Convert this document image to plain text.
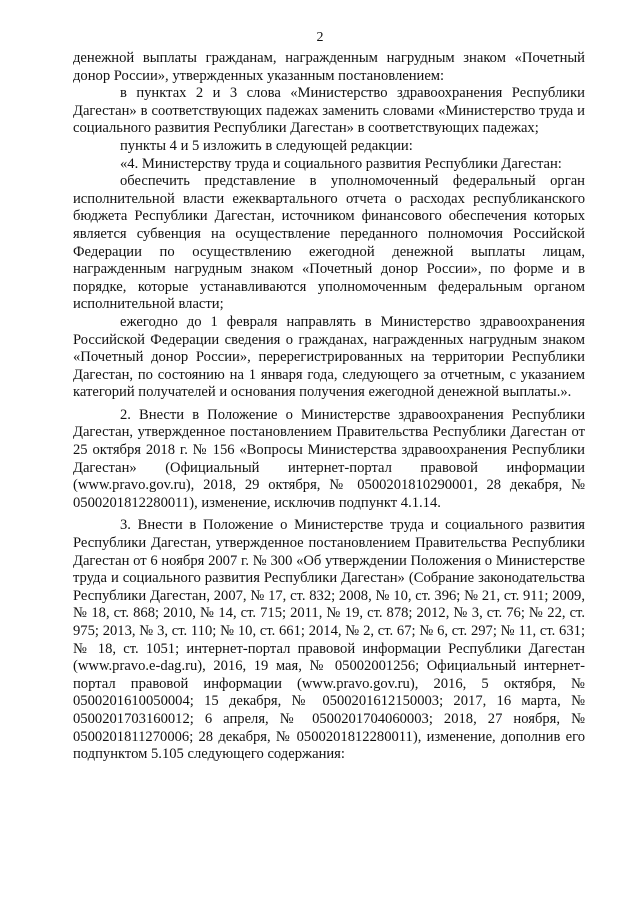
2

денежной выплаты гражданам, награжденным нагрудным знаком «Почетный донор России», утвержденных указанным постановлением:

в пунктах 2 и 3 слова «Министерство здравоохранения Республики Дагестан» в соответствующих падежах заменить словами «Министерство труда и социального развития Республики Дагестан» в соответствующих падежах;

пункты 4 и 5 изложить в следующей редакции:

«4. Министерству труда и социального развития Республики Дагестан:

обеспечить представление в уполномоченный федеральный орган исполнительной власти ежеквартального отчета о расходах республиканского бюджета Республики Дагестан, источником финансового обеспечения которых является субвенция на осуществление переданного полномочия Российской Федерации по осуществлению ежегодной денежной выплаты лицам, награжденным нагрудным знаком «Почетный донор России», по форме и в порядке, которые устанавливаются уполномоченным федеральным органом исполнительной власти;

ежегодно до 1 февраля направлять в Министерство здравоохранения Российской Федерации сведения о гражданах, награжденных нагрудным знаком «Почетный донор России», перерегистрированных на территории Республики Дагестан, по состоянию на 1 января года, следующего за отчетным, с указанием категорий получателей и основания получения ежегодной денежной выплаты.».

2. Внести в Положение о Министерстве здравоохранения Республики Дагестан, утвержденное постановлением Правительства Республики Дагестан от 25 октября 2018 г. № 156 «Вопросы Министерства здравоохранения Республики Дагестан» (Официальный интернет-портал правовой информации (www.pravo.gov.ru), 2018, 29 октября, № 0500201810290001, 28 декабря, № 0500201812280011), изменение, исключив подпункт 4.1.14.

3. Внести в Положение о Министерстве труда и социального развития Республики Дагестан, утвержденное постановлением Правительства Республики Дагестан от 6 ноября 2007 г. № 300 «Об утверждении Положения о Министерстве труда и социального развития Республики Дагестан» (Собрание законодательства Республики Дагестан, 2007, № 17, ст. 832; 2008, № 10, ст. 396; № 21, ст. 911; 2009, № 18, ст. 868; 2010, № 14, ст. 715; 2011, № 19, ст. 878; 2012, № 3, ст. 76; № 22, ст. 975; 2013, № 3, ст. 110; № 10, ст. 661; 2014, № 2, ст. 67; № 6, ст. 297; № 11, ст. 631; № 18, ст. 1051; интернет-портал правовой информации Республики Дагестан (www.pravo.e-dag.ru), 2016, 19 мая, № 05002001256; Официальный интернет-портал правовой информации (www.pravo.gov.ru), 2016, 5 октября, № 0500201610050004; 15 декабря, № 0500201612150003; 2017, 16 марта, № 0500201703160012; 6 апреля, № 0500201704060003; 2018, 27 ноября, № 0500201811270006; 28 декабря, № 0500201812280011), изменение, дополнив его подпунктом 5.105 следующего содержания:
